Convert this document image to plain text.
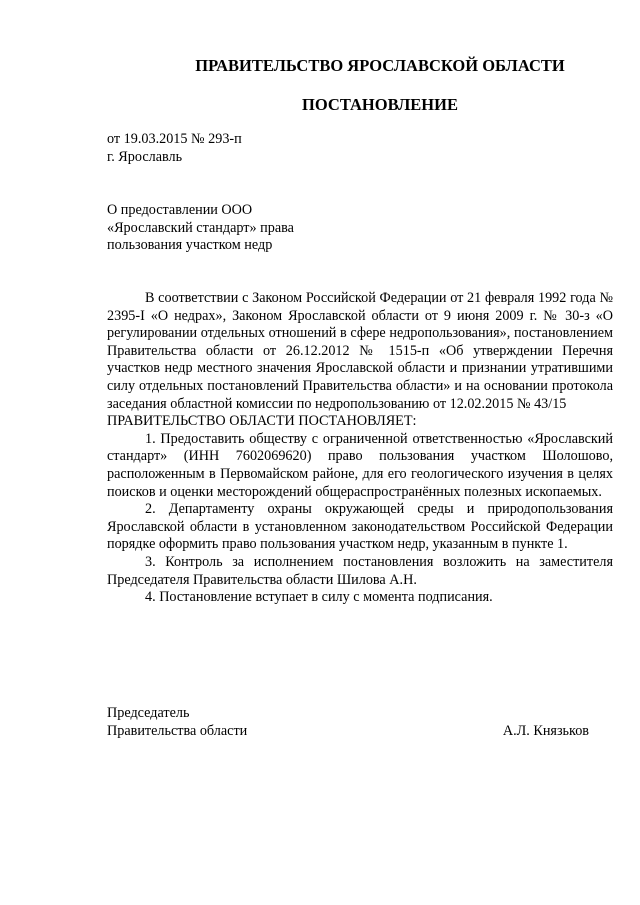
ПРАВИТЕЛЬСТВО ЯРОСЛАВСКОЙ ОБЛАСТИ
ПОСТАНОВЛЕНИЕ
от 19.03.2015 № 293-п
г. Ярославль
О предоставлении ООО
«Ярославский стандарт» права
пользования участком недр
В соответствии с Законом Российской Федерации от 21 февраля 1992 года № 2395-I «О недрах», Законом Ярославской области от 9 июня 2009 г. № 30-з «О регулировании отдельных отношений в сфере недропользования», постановлением Правительства области от 26.12.2012 № 1515-п «Об утверждении Перечня участков недр местного значения Ярославской области и признании утратившими силу отдельных постановлений Правительства области» и на основании протокола заседания областной комиссии по недропользованию от 12.02.2015 № 43/15
ПРАВИТЕЛЬСТВО ОБЛАСТИ ПОСТАНОВЛЯЕТ:
1. Предоставить обществу с ограниченной ответственностью «Ярославский стандарт» (ИНН 7602069620) право пользования участком Шолошово, расположенным в Первомайском районе, для его геологического изучения в целях поисков и оценки месторождений общераспространённых полезных ископаемых.
2. Департаменту охраны окружающей среды и природопользования Ярославской области в установленном законодательством Российской Федерации порядке оформить право пользования участком недр, указанным в пункте 1.
3. Контроль за исполнением постановления возложить на заместителя Председателя Правительства области Шилова А.Н.
4. Постановление вступает в силу с момента подписания.
Председатель
Правительства области	А.Л. Князьков
